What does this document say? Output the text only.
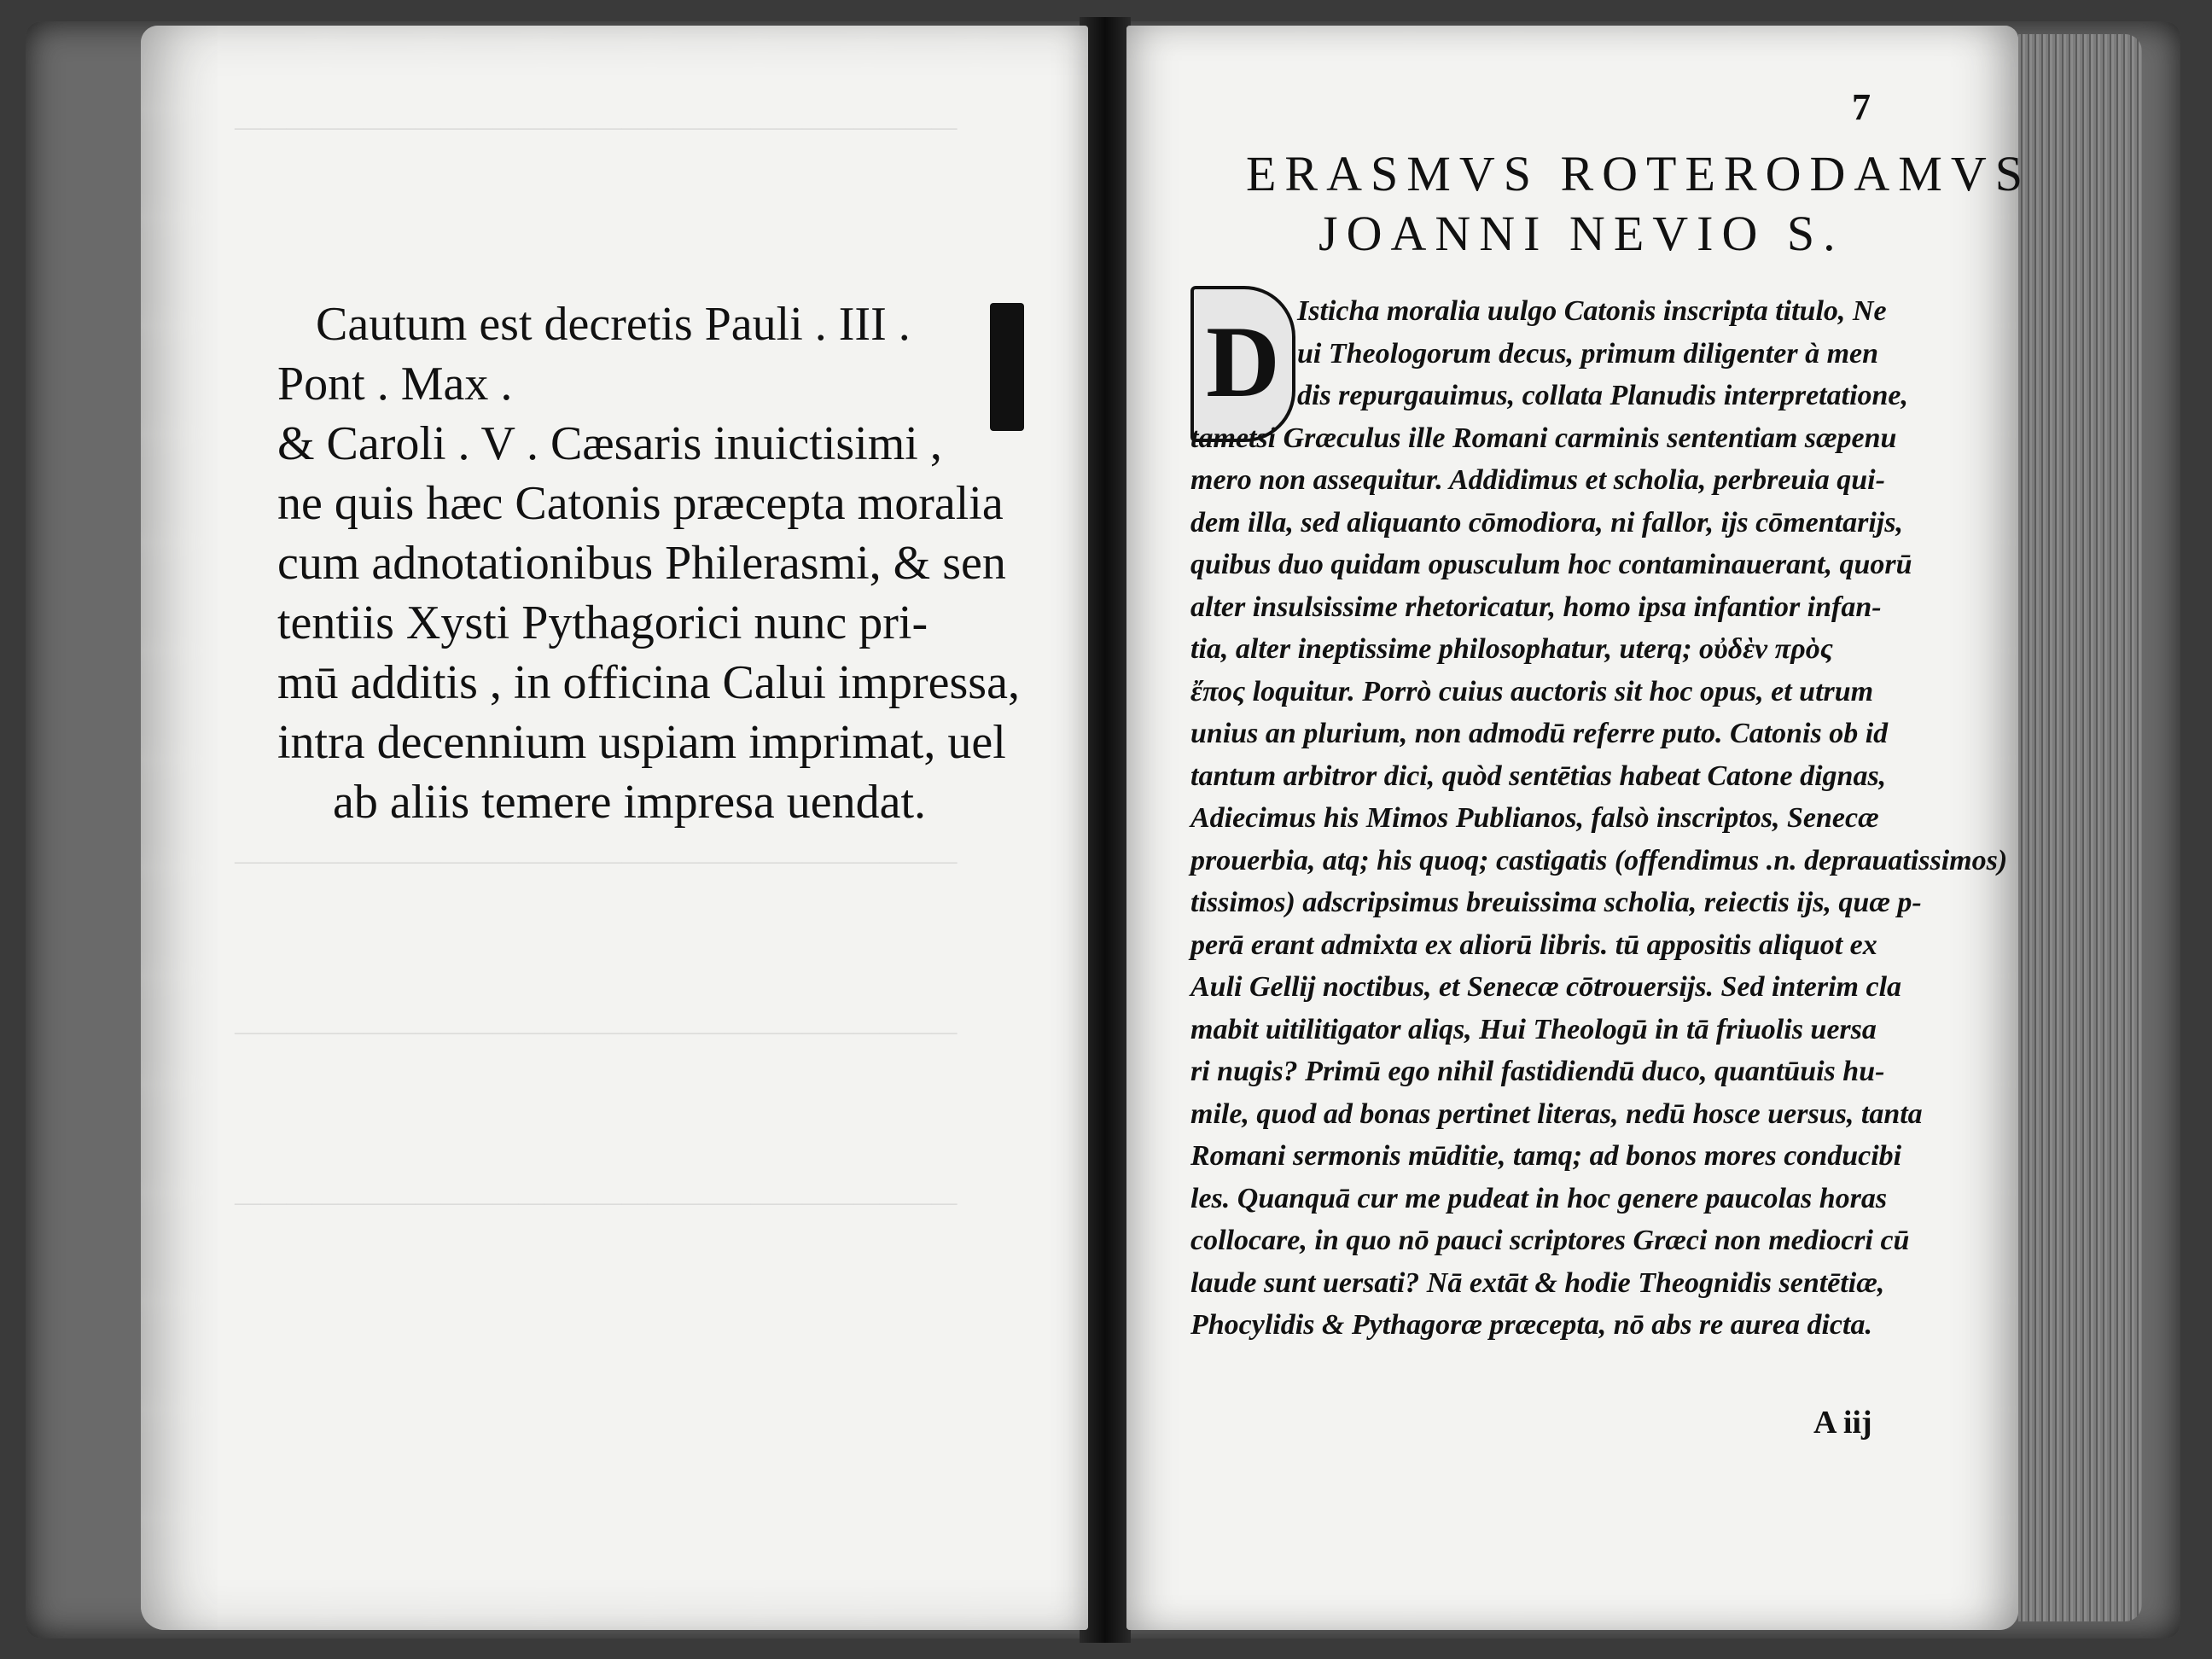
————————————————————————————
————————————————————————————
————————————————————————————
————————————————————————————
Cautum est decretis Pauli . III .
Pont . Max .
& Caroli . V . Cæsaris inuictisimi ,
ne quis hæc Catonis præcepta moralia
cum adnotationibus Philerasmi, & sen
tentiis Xysti Pythagorici nunc pri-
mū additis , in officina Calui impressa,
intra decennium uspiam imprimat, uel
ab aliis temere impresa uendat.
7
ERASMVS ROTERODAMVS
JOANNI NEVIO S.
D Isticha moralia uulgo Catonis inscripta titulo, Ne
ui Theologorum decus, primum diligenter à men
dis repurgauimus, collata Planudis interpretatione,
tametsi Græculus ille Romani carminis sententiam sæpenu
mero non assequitur. Addidimus et scholia, perbreuia qui-
dem illa, sed aliquanto cōmodiora, ni fallor, ijs cōmentarijs,
quibus duo quidam opusculum hoc contaminauerant, quorū
alter insulsissime rhetoricatur, homo ipsa infantior infan-
tia, alter ineptissime philosophatur, uterq; οὐδὲν πρὸς
ἔπος loquitur. Porrò cuius auctoris sit hoc opus, et utrum
unius an plurium, non admodū referre puto. Catonis ob id
tantum arbitror dici, quòd sentētias habeat Catone dignas,
Adiecimus his Mimos Publianos, falsò inscriptos, Senecæ
prouerbia, atq; his quoq; castigatis (offendimus .n. deprauatissimos)
tissimos) adscripsimus breuissima scholia, reiectis ijs, quæ p-
perā erant admixta ex aliorū libris. tū appositis aliquot ex
Auli Gellij noctibus, et Senecæ cōtrouersijs. Sed interim cla
mabit uitilitigator aliqs, Hui Theologū in tā friuolis uersa
ri nugis? Primū ego nihil fastidiendū duco, quantūuis hu-
mile, quod ad bonas pertinet literas, nedū hosce uersus, tanta
Romani sermonis mūditie, tamq; ad bonos mores conducibi
les. Quanquā cur me pudeat in hoc genere paucolas horas
collocare, in quo nō pauci scriptores Græci non mediocri cū
laude sunt uersati? Nā extāt & hodie Theognidis sentētiæ,
Phocylidis & Pythagoræ præcepta, nō abs re aurea dicta.
A iij
